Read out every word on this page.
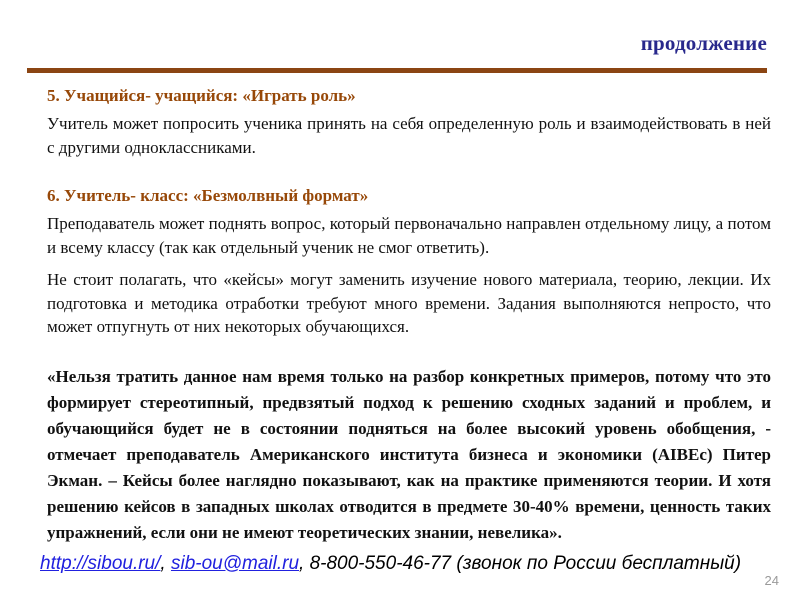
продолжение
5. Учащийся- учащийся: «Играть роль»

Учитель может попросить ученика принять на себя определенную роль и взаимодействовать в ней с другими одноклассниками.

6. Учитель- класс: «Безмолвный формат»

Преподаватель может поднять вопрос, который первоначально направлен отдельному лицу, а потом и всему классу (так как отдельный ученик не смог ответить).

Не стоит полагать, что «кейсы» могут заменить изучение нового материала, теорию, лекции. Их подготовка и методика отработки требуют много времени. Задания выполняются непросто, что может отпугнуть от них некоторых обучающихся.

«Нельзя тратить данное нам время только на разбор конкретных примеров, потому что это формирует стереотипный, предвзятый подход к решению сходных заданий и проблем, и обучающийся будет не в состоянии подняться на более высокий уровень обобщения, - отмечает преподаватель Американского института бизнеса и экономики (AIBEc) Питер Экман. – Кейсы более наглядно показывают, как на практике применяются теории. И хотя решению кейсов в западных школах отводится в предмете 30-40% времени, ценность таких упражнений, если они не имеют теоретических знании, невелика».

http://sibou.ru/, sib-ou@mail.ru, 8-800-550-46-77 (звонок по России бесплатный)
24
